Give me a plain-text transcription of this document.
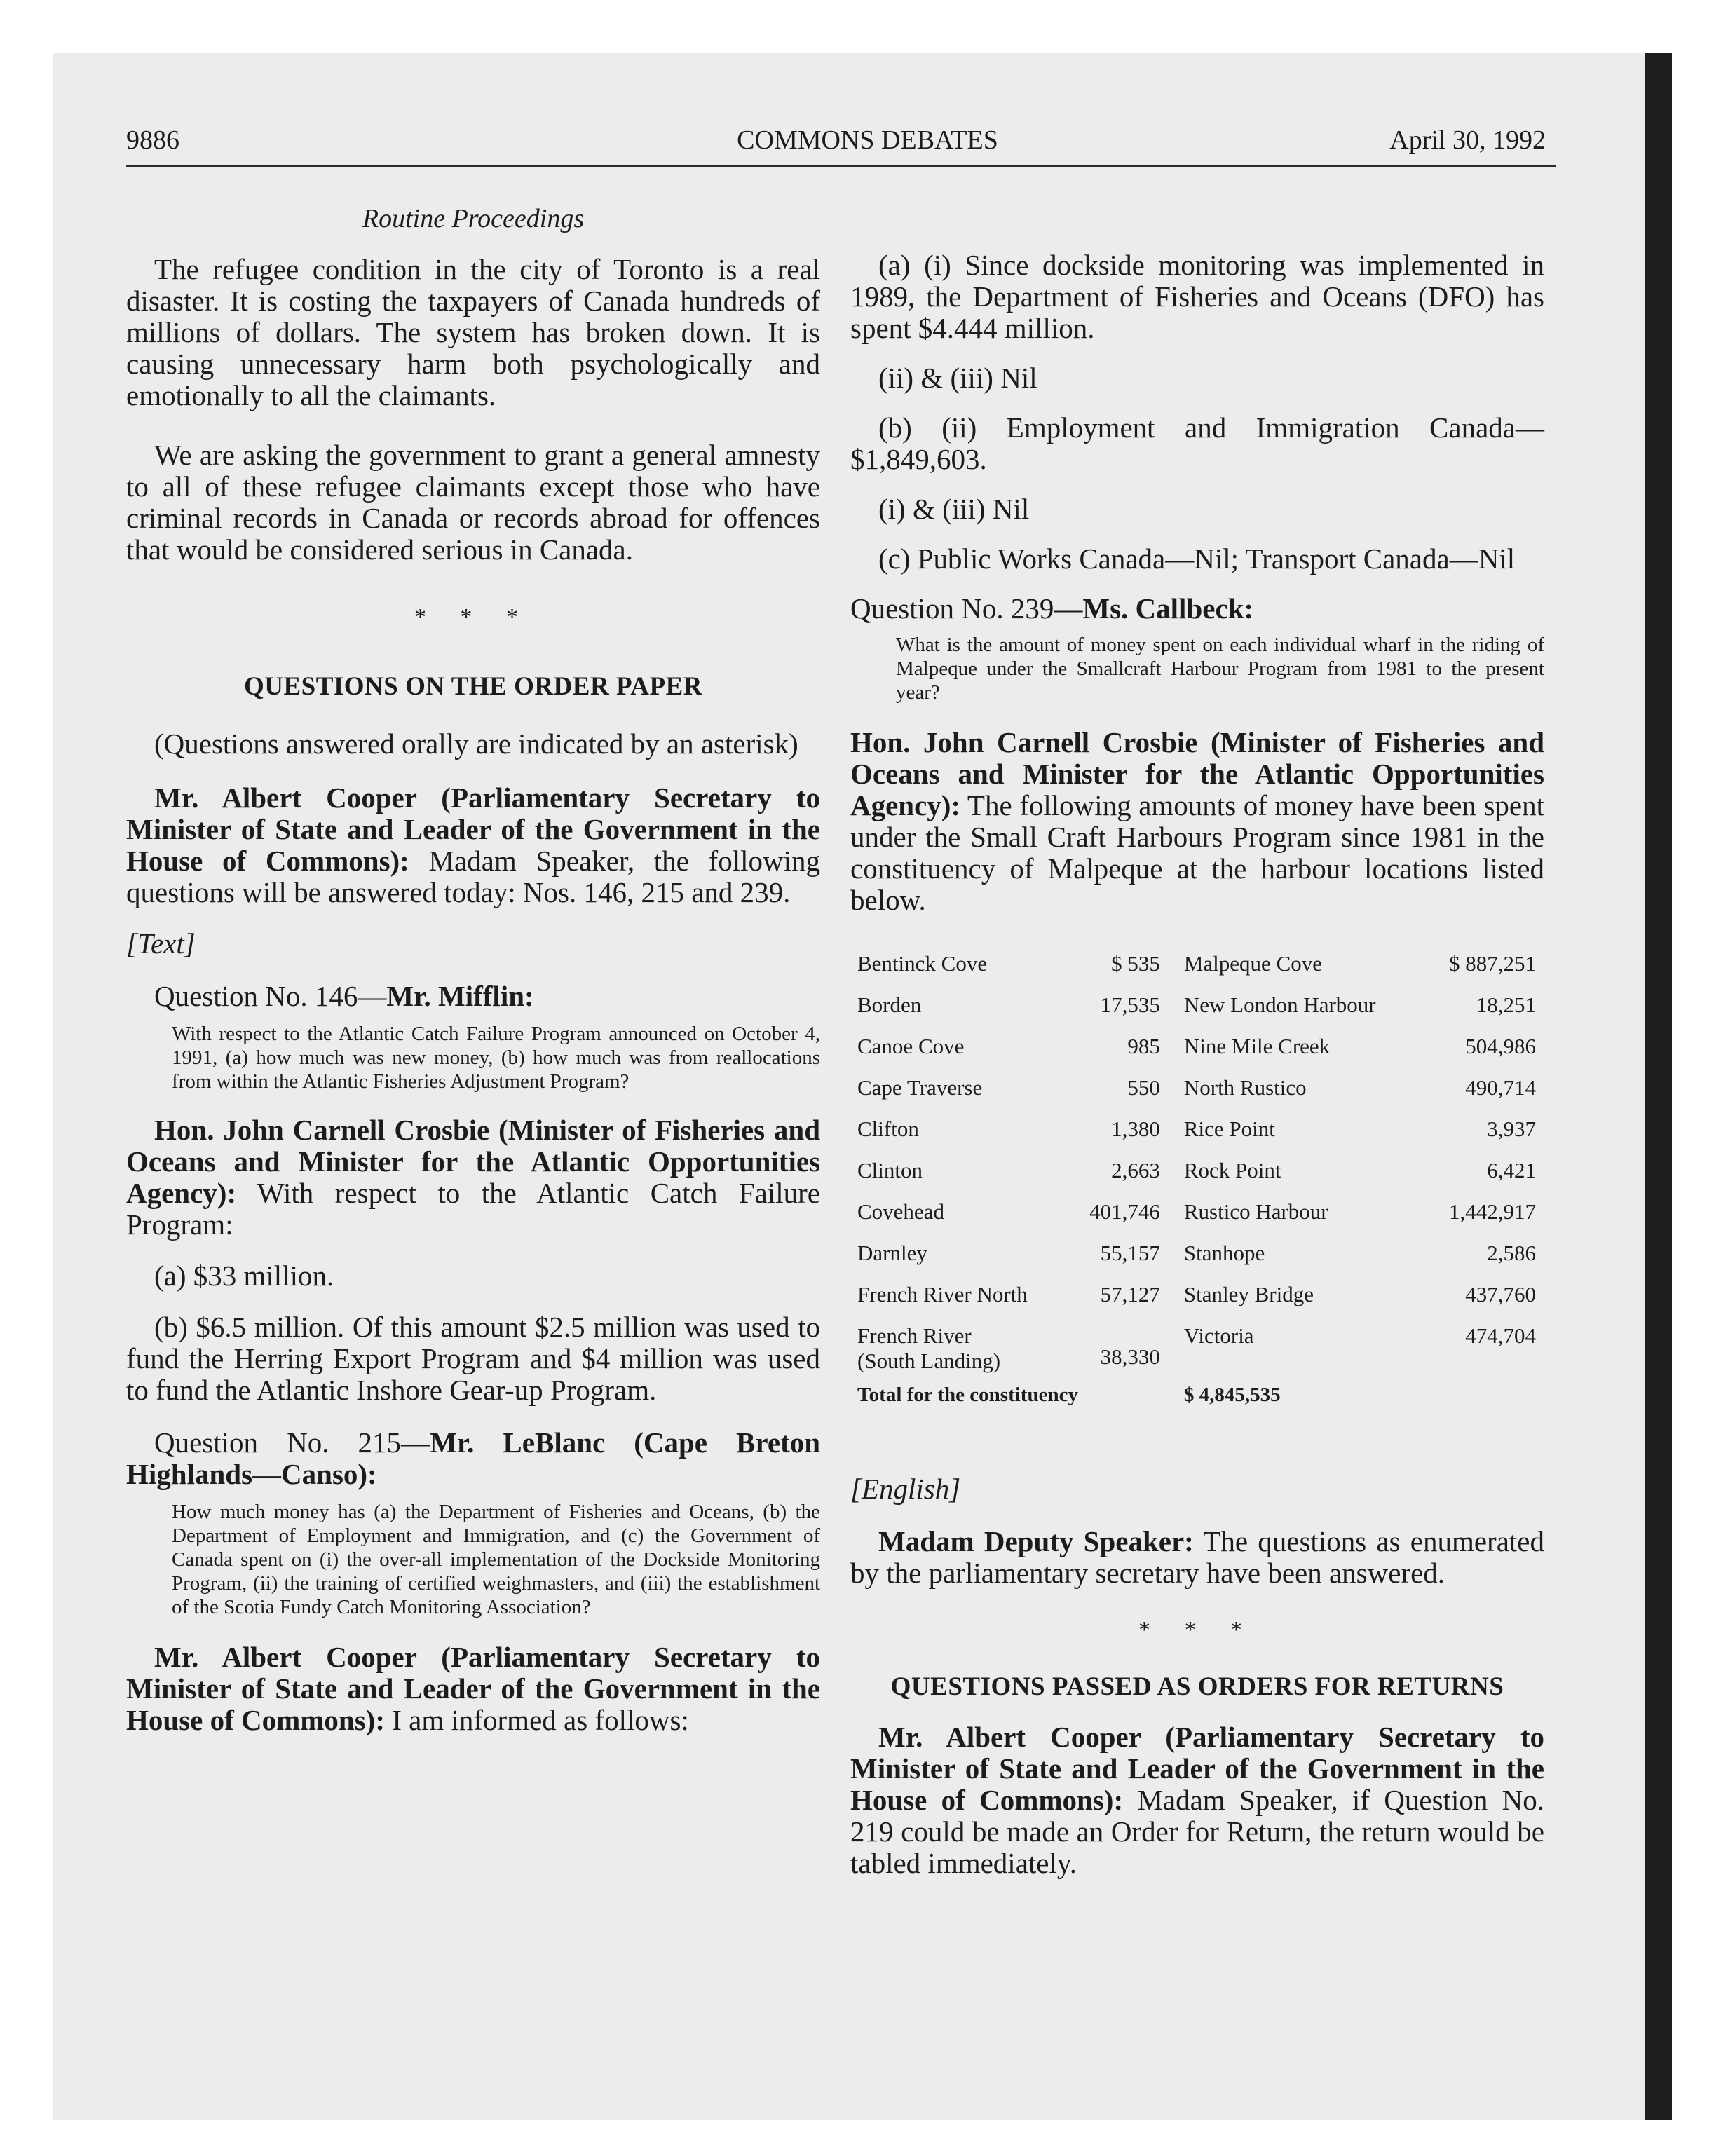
9886	COMMONS DEBATES	April 30, 1992

Routine Proceedings

The refugee condition in the city of Toronto is a real disaster. It is costing the taxpayers of Canada hundreds of millions of dollars. The system has broken down. It is causing unnecessary harm both psychologically and emotionally to all the claimants.

We are asking the government to grant a general amnesty to all of these refugee claimants except those who have criminal records in Canada or records abroad for offences that would be considered serious in Canada.

* * *

QUESTIONS ON THE ORDER PAPER

(Questions answered orally are indicated by an asterisk)

Mr. Albert Cooper (Parliamentary Secretary to Minister of State and Leader of the Government in the House of Commons): Madam Speaker, the following questions will be answered today: Nos. 146, 215 and 239.

[Text]

Question No. 146—Mr. Mifflin:

With respect to the Atlantic Catch Failure Program announced on October 4, 1991, (a) how much was new money, (b) how much was from reallocations from within the Atlantic Fisheries Adjustment Program?

Hon. John Carnell Crosbie (Minister of Fisheries and Oceans and Minister for the Atlantic Opportunities Agency): With respect to the Atlantic Catch Failure Program:

(a) $33 million.

(b) $6.5 million. Of this amount $2.5 million was used to fund the Herring Export Program and $4 million was used to fund the Atlantic Inshore Gear-up Program.

Question No. 215—Mr. LeBlanc (Cape Breton Highlands—Canso):

How much money has (a) the Department of Fisheries and Oceans, (b) the Department of Employment and Immigration, and (c) the Government of Canada spent on (i) the over-all implementation of the Dockside Monitoring Program, (ii) the training of certified weighmasters, and (iii) the establishment of the Scotia Fundy Catch Monitoring Association?

Mr. Albert Cooper (Parliamentary Secretary to Minister of State and Leader of the Government in the House of Commons): I am informed as follows:

(a) (i) Since dockside monitoring was implemented in 1989, the Department of Fisheries and Oceans (DFO) has spent $4.444 million.

(ii) & (iii) Nil

(b) (ii) Employment and Immigration Canada—$1,849,603.

(i) & (iii) Nil

(c) Public Works Canada—Nil; Transport Canada—Nil

Question No. 239—Ms. Callbeck:

What is the amount of money spent on each individual wharf in the riding of Malpeque under the Smallcraft Harbour Program from 1981 to the present year?

Hon. John Carnell Crosbie (Minister of Fisheries and Oceans and Minister for the Atlantic Opportunities Agency): The following amounts of money have been spent under the Small Craft Harbours Program since 1981 in the constituency of Malpeque at the harbour locations listed below.

Bentinck Cove	$ 535	Malpeque Cove	$ 887,251
Borden	17,535	New London Harbour	18,251
Canoe Cove	985	Nine Mile Creek	504,986
Cape Traverse	550	North Rustico	490,714
Clifton	1,380	Rice Point	3,937
Clinton	2,663	Rock Point	6,421
Covehead	401,746	Rustico Harbour	1,442,917
Darnley	55,157	Stanhope	2,586
French River North	57,127	Stanley Bridge	437,760
French River
(South Landing)	38,330	Victoria	474,704
Total for the constituency		$ 4,845,535	

[English]

Madam Deputy Speaker: The questions as enumerated by the parliamentary secretary have been answered.

* * *

QUESTIONS PASSED AS ORDERS FOR RETURNS

Mr. Albert Cooper (Parliamentary Secretary to Minister of State and Leader of the Government in the House of Commons): Madam Speaker, if Question No. 219 could be made an Order for Return, the return would be tabled immediately.
